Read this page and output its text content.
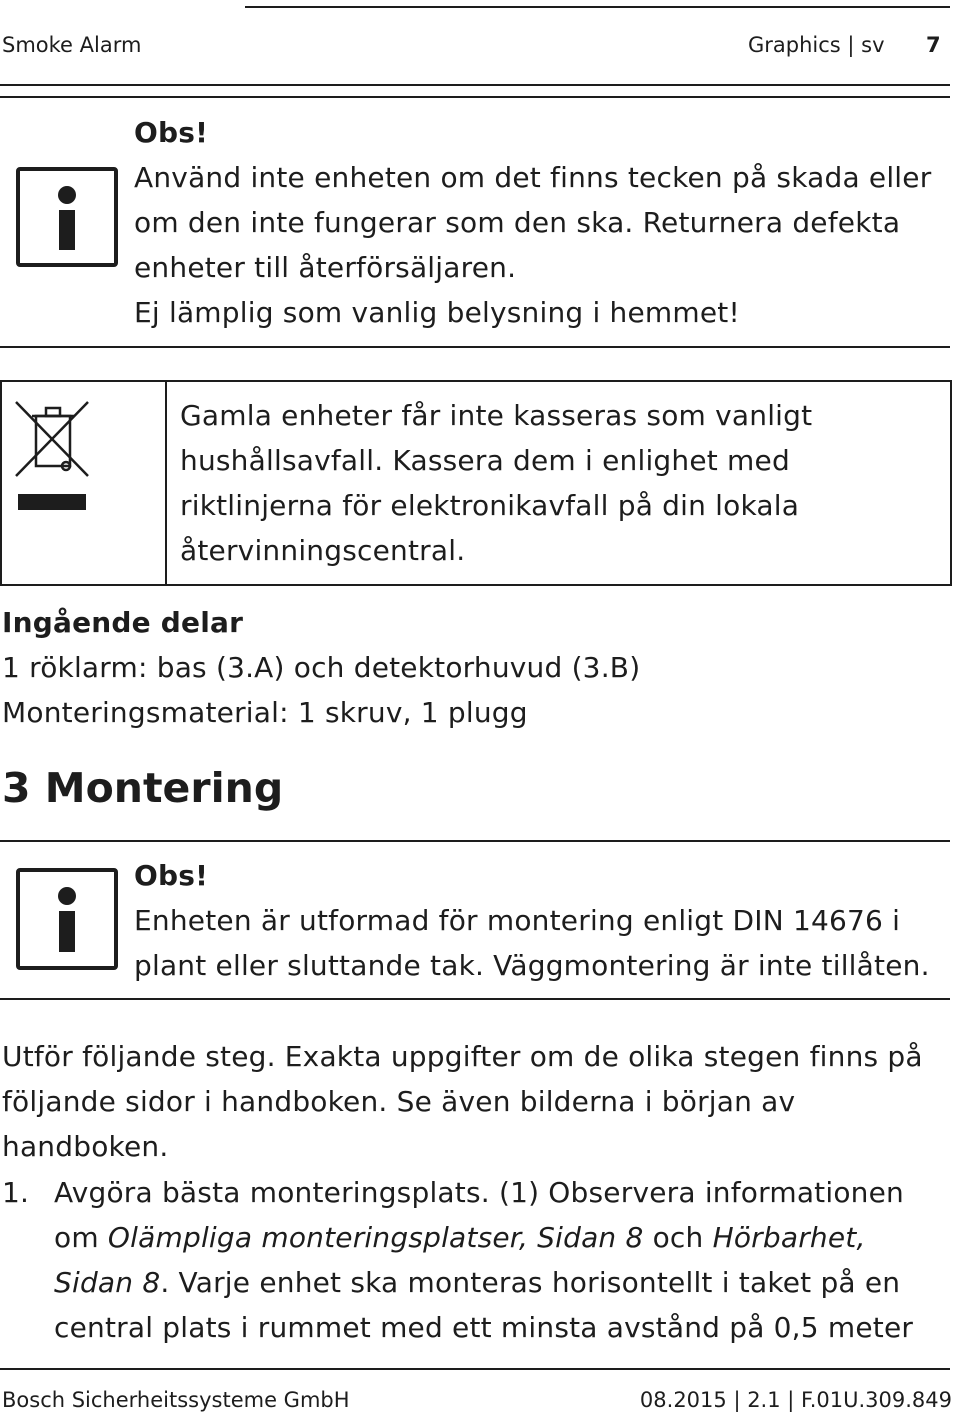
Smoke Alarm	Graphics | sv 7
Obs!
Använd inte enheten om det finns tecken på skada eller
om den inte fungerar som den ska. Returnera defekta
enheter till återförsäljaren.
Ej lämplig som vanlig belysning i hemmet!
Gamla enheter får inte kasseras som vanligt
hushållsavfall. Kassera dem i enlighet med
riktlinjerna för elektronikavfall på din lokala
återvinningscentral.
Ingående delar
1 röklarm: bas (3.A) och detektorhuvud (3.B)
Monteringsmaterial: 1 skruv, 1 plugg
3 Montering
Obs!
Enheten är utformad för montering enligt DIN 14676 i
plant eller sluttande tak. Väggmontering är inte tillåten.
Utför följande steg. Exakta uppgifter om de olika stegen finns på
följande sidor i handboken. Se även bilderna i början av
handboken.
1. Avgöra bästa monteringsplats. (1) Observera informationen
om Olämpliga monteringsplatser, Sidan 8 och Hörbarhet,
Sidan 8. Varje enhet ska monteras horisontellt i taket på en
central plats i rummet med ett minsta avstånd på 0,5 meter
Bosch Sicherheitssysteme GmbH	08.2015 | 2.1 | F.01U.309.849
